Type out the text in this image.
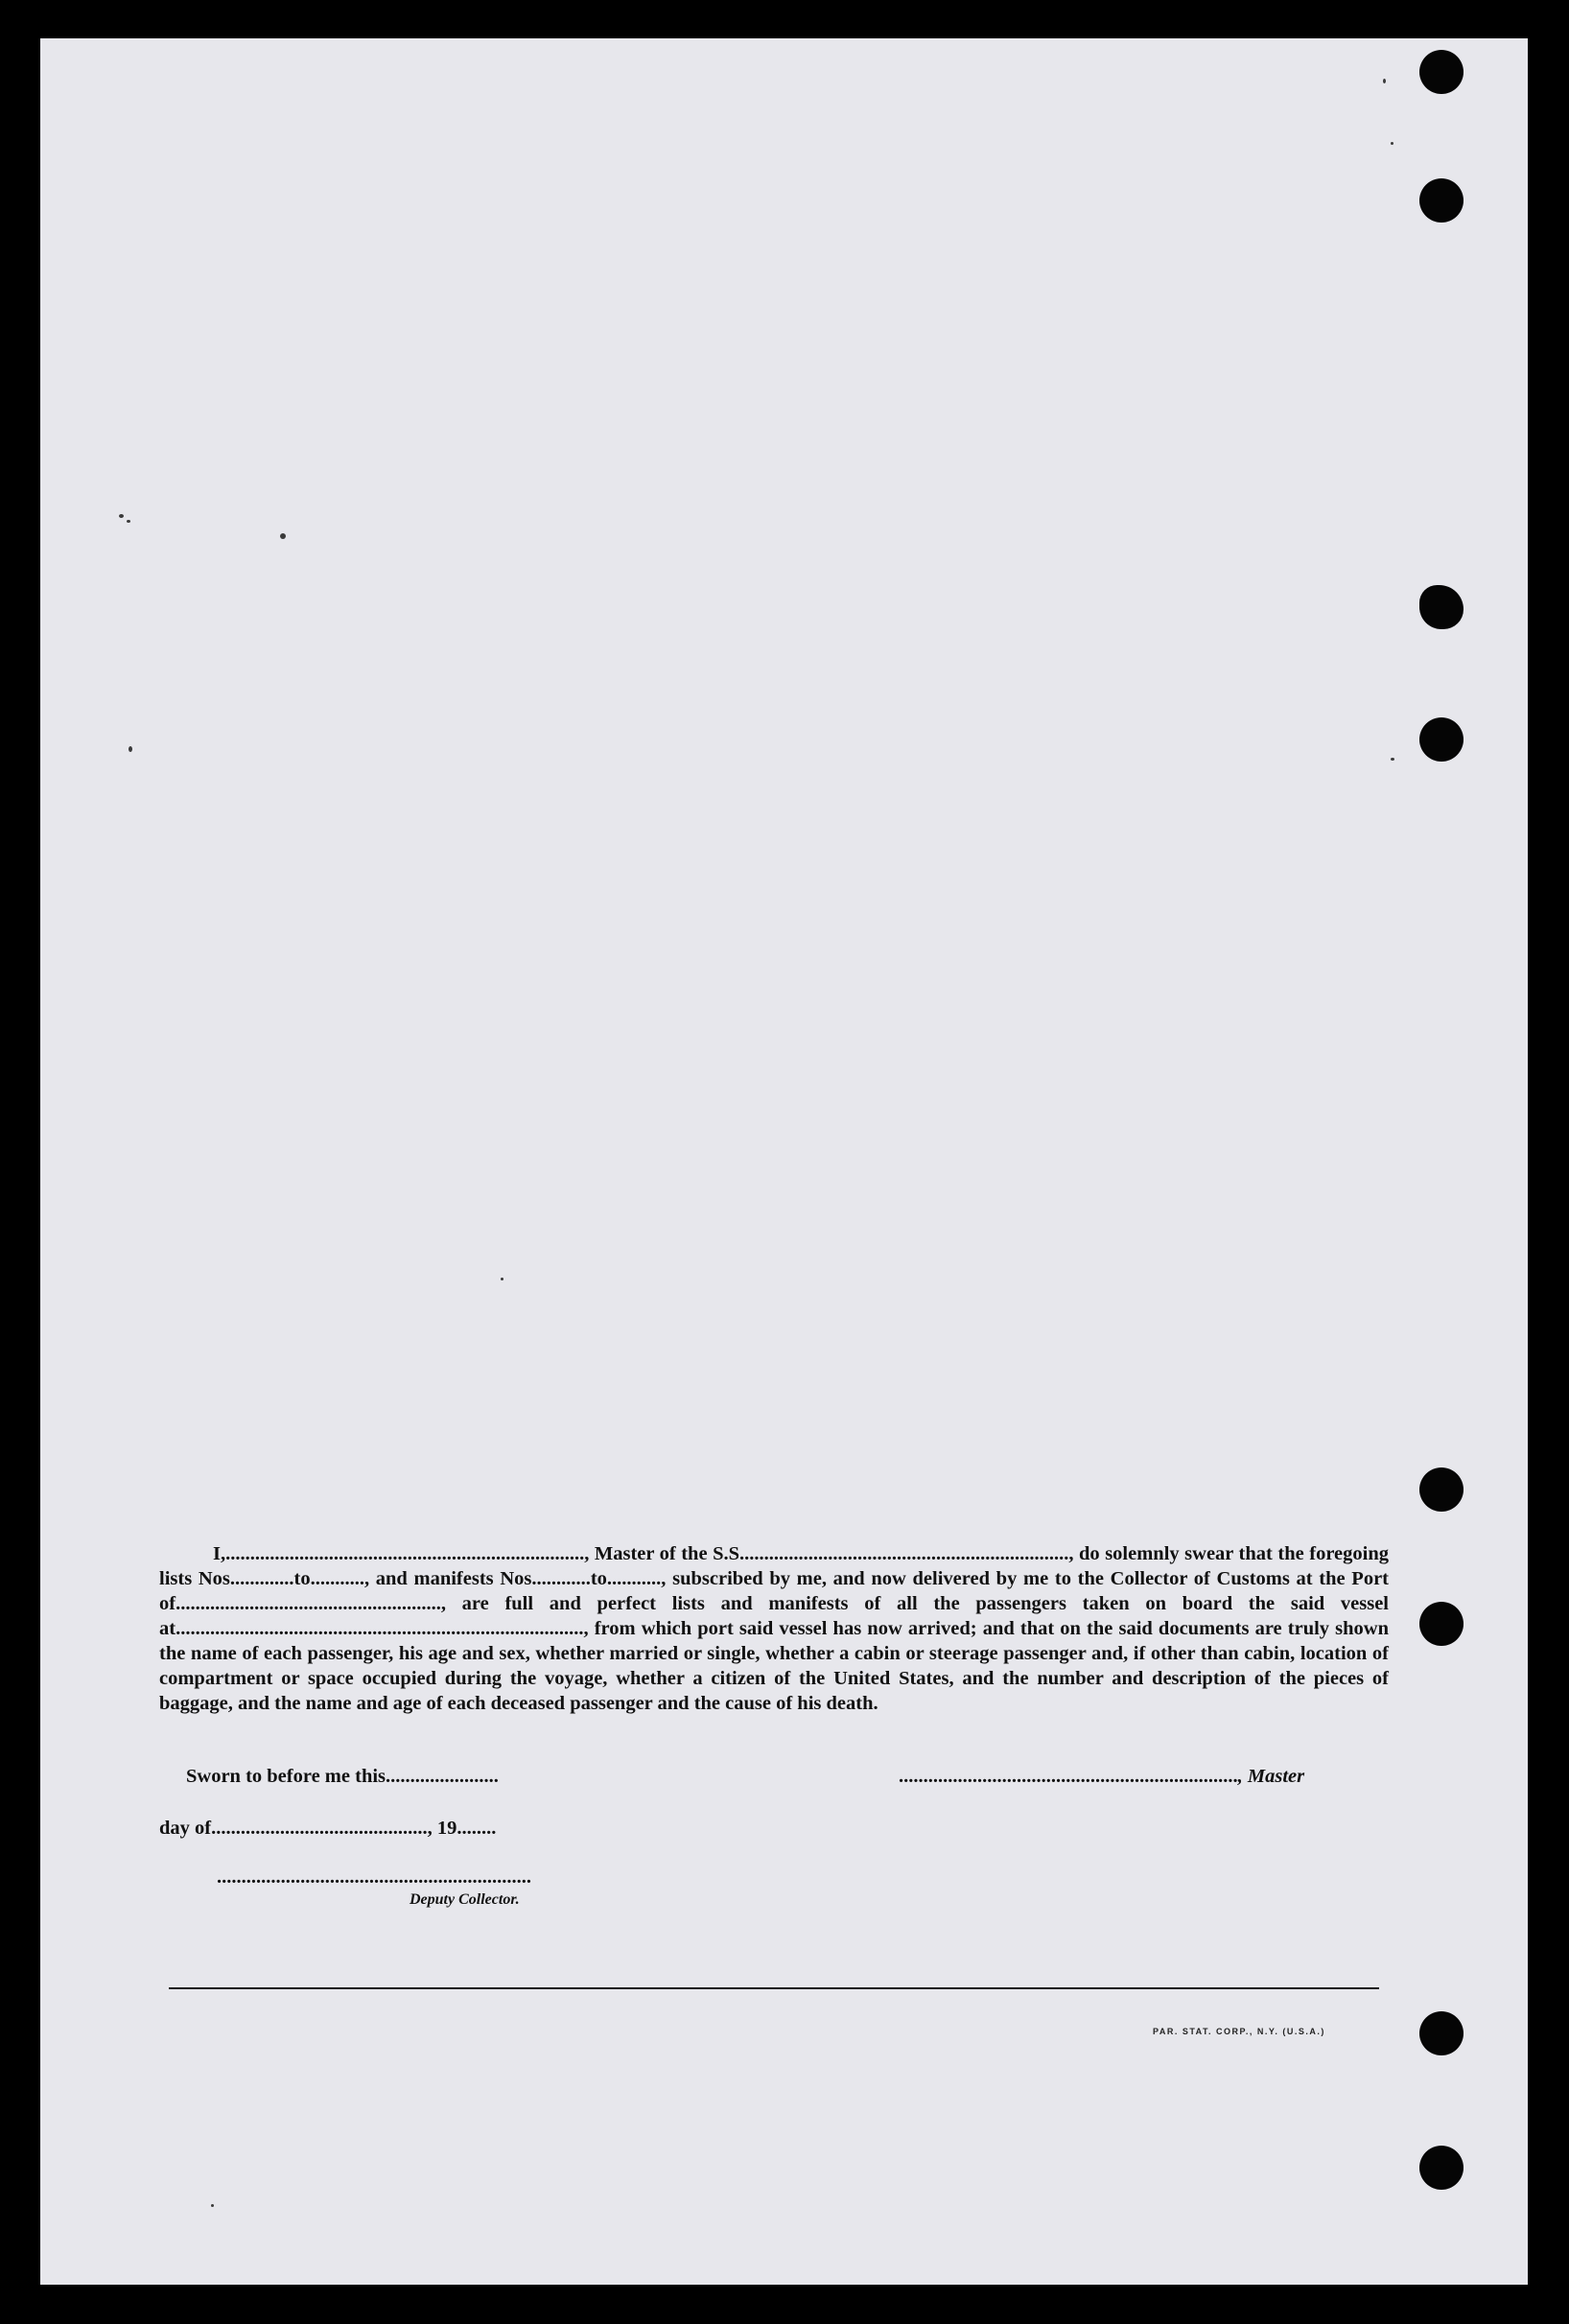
I,........................................................................., Master of the S.S..................................................................., do solemnly swear that the foregoing lists Nos.............to..........., and manifests Nos............to..........., subscribed by me, and now delivered by me to the Collector of Customs at the Port of......................................................, are full and perfect lists and manifests of all the passengers taken on board the said vessel at..................................................................................., from which port said vessel has now arrived; and that on the said documents are truly shown the name of each passenger, his age and sex, whether married or single, whether a cabin or steerage passenger and, if other than cabin, location of compartment or space occupied during the voyage, whether a citizen of the United States, and the number and description of the pieces of baggage, and the name and age of each deceased passenger and the cause of his death.

Sworn to before me this.......................	....................................................................., Master

day of............................................, 19........

................................................................

Deputy Collector.

PAR. STAT. CORP., N.Y. (U.S.A.)
